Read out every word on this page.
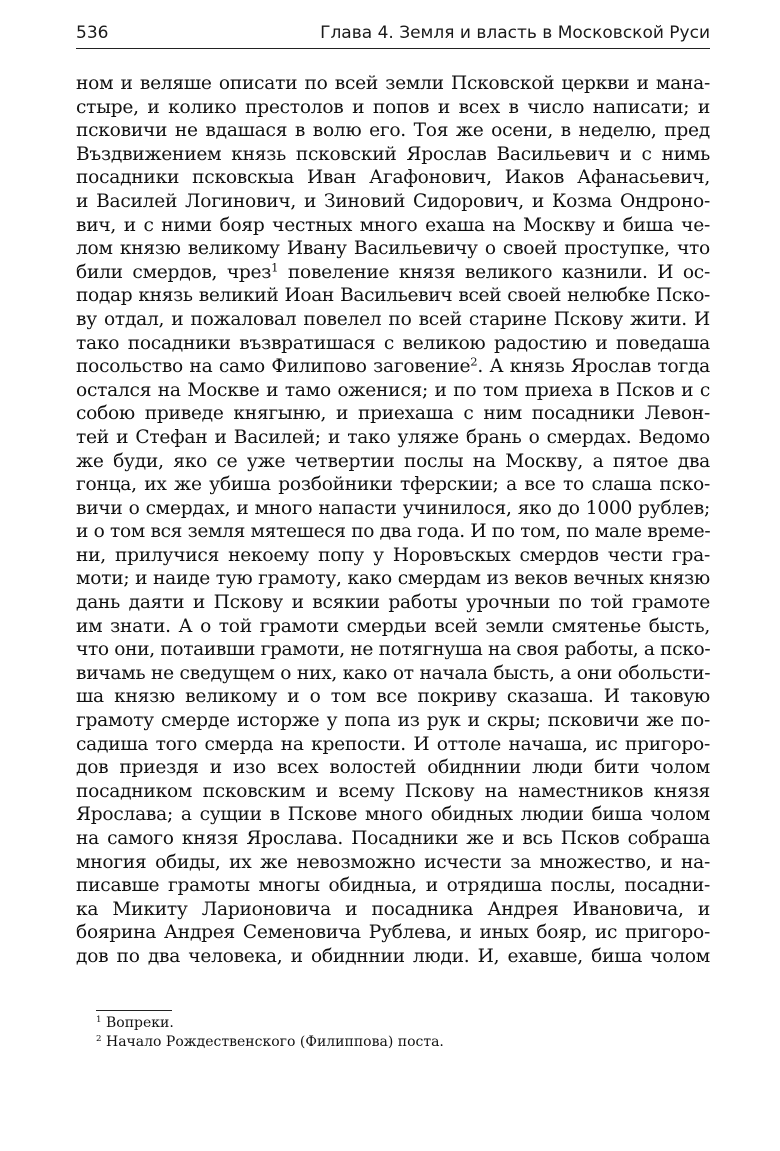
536	Глава 4. Земля и власть в Московской Руси
ном и веляше описати по всей земли Псковской церкви и мана-
стыре, и колико престолов и попов и всех в число написати; и
псковичи не вдашася в волю его. Тоя же осени, в неделю, пред
Въздвижением князь псковский Ярослав Васильевич и с нимь
посадники псковскыа Иван Агафонович, Иаков Афанасьевич,
и Василей Логинович, и Зиновий Сидорович, и Козма Ондроно-
вич, и с ними бояр честных много ехаша на Москву и биша че-
лом князю великому Ивану Васильевичу о своей проступке, что
били смердов, чрез$^1$ повеление князя великого казнили. И ос-
подар князь великий Иоан Васильевич всей своей нелюбке Пско-
ву отдал, и пожаловал повелел по всей старине Пскову жити. И
тако посадники възвратишася с великою радостию и поведаша
посольство на само Филипово заговение$^2$. А князь Ярослав тогда
остался на Москве и тамо оженися; и по том приеха в Псков и с
собою приведе княгыню, и приехаша с ним посадники Левон-
тей и Стефан и Василей; и тако уляже брань о смердах. Ведомо
же буди, яко се уже четвертии послы на Москву, а пятое два
гонца, их же убиша розбойники тферскии; а все то слаша пско-
вичи о смердах, и много напасти учинилося, яко до 1000 рублев;
и о том вся земля мятешеся по два года. И по том, по мале време-
ни, прилучися некоему попу у Норовъскых смердов чести гра-
моти; и наиде тую грамоту, како смердам из веков вечных князю
дань даяти и Пскову и всякии работы урочныи по той грамоте
им знати. А о той грамоти смердьи всей земли смятенье бысть,
что они, потаивши грамоти, не потягнуша на своя работы, а пско-
вичамь не сведущем о них, како от начала бысть, а они обольсти-
ша князю великому и о том все покриву сказаша. И таковую
грамоту смерде исторже у попа из рук и скры; псковичи же по-
садиша того смерда на крепости. И оттоле начаша, ис пригоро-
дов приездя и изо всех волостей обидннии люди бити чолом
посадником псковским и всему Пскову на наместников князя
Ярослава; а сущии в Пскове много обидных людии биша чолом
на самого князя Ярослава. Посадники же и всь Псков собраша
многия обиды, их же невозможно исчести за множество, и на-
писавше грамоты многы обидныа, и отрядиша послы, посадни-
ка Микиту Ларионовича и посадника Андрея Ивановича, и
боярина Андрея Семеновича Рублева, и иных бояр, ис пригоро-
дов по два человека, и обидннии люди. И, ехавше, биша чолом
$^1$ Вопреки.
$^2$ Начало Рождественского (Филиппова) поста.
